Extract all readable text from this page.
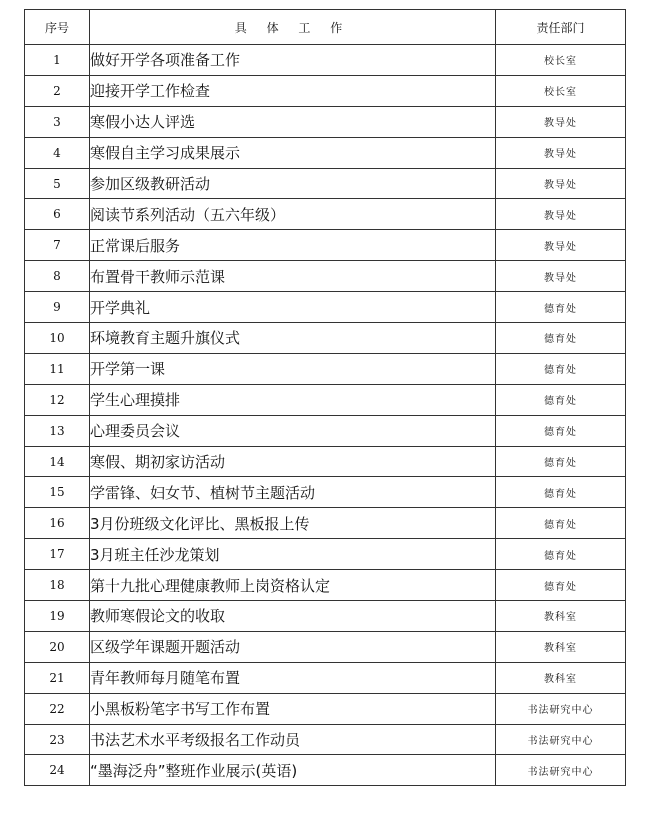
序号	具 体 工 作	责任部门
1	做好开学各项准备工作	校长室
2	迎接开学工作检查	校长室
3	寒假小达人评选	教导处
4	寒假自主学习成果展示	教导处
5	参加区级教研活动	教导处
6	阅读节系列活动（五六年级）	教导处
7	正常课后服务	教导处
8	布置骨干教师示范课	教导处
9	开学典礼	德育处
10	环境教育主题升旗仪式	德育处
11	开学第一课	德育处
12	学生心理摸排	德育处
13	心理委员会议	德育处
14	寒假、期初家访活动	德育处
15	学雷锋、妇女节、植树节主题活动	德育处
16	3月份班级文化评比、黑板报上传	德育处
17	3月班主任沙龙策划	德育处
18	第十九批心理健康教师上岗资格认定	德育处
19	教师寒假论文的收取	教科室
20	区级学年课题开题活动	教科室
21	青年教师每月随笔布置	教科室
22	小黑板粉笔字书写工作布置	书法研究中心
23	书法艺术水平考级报名工作动员	书法研究中心
24	“墨海泛舟”整班作业展示(英语)	书法研究中心
